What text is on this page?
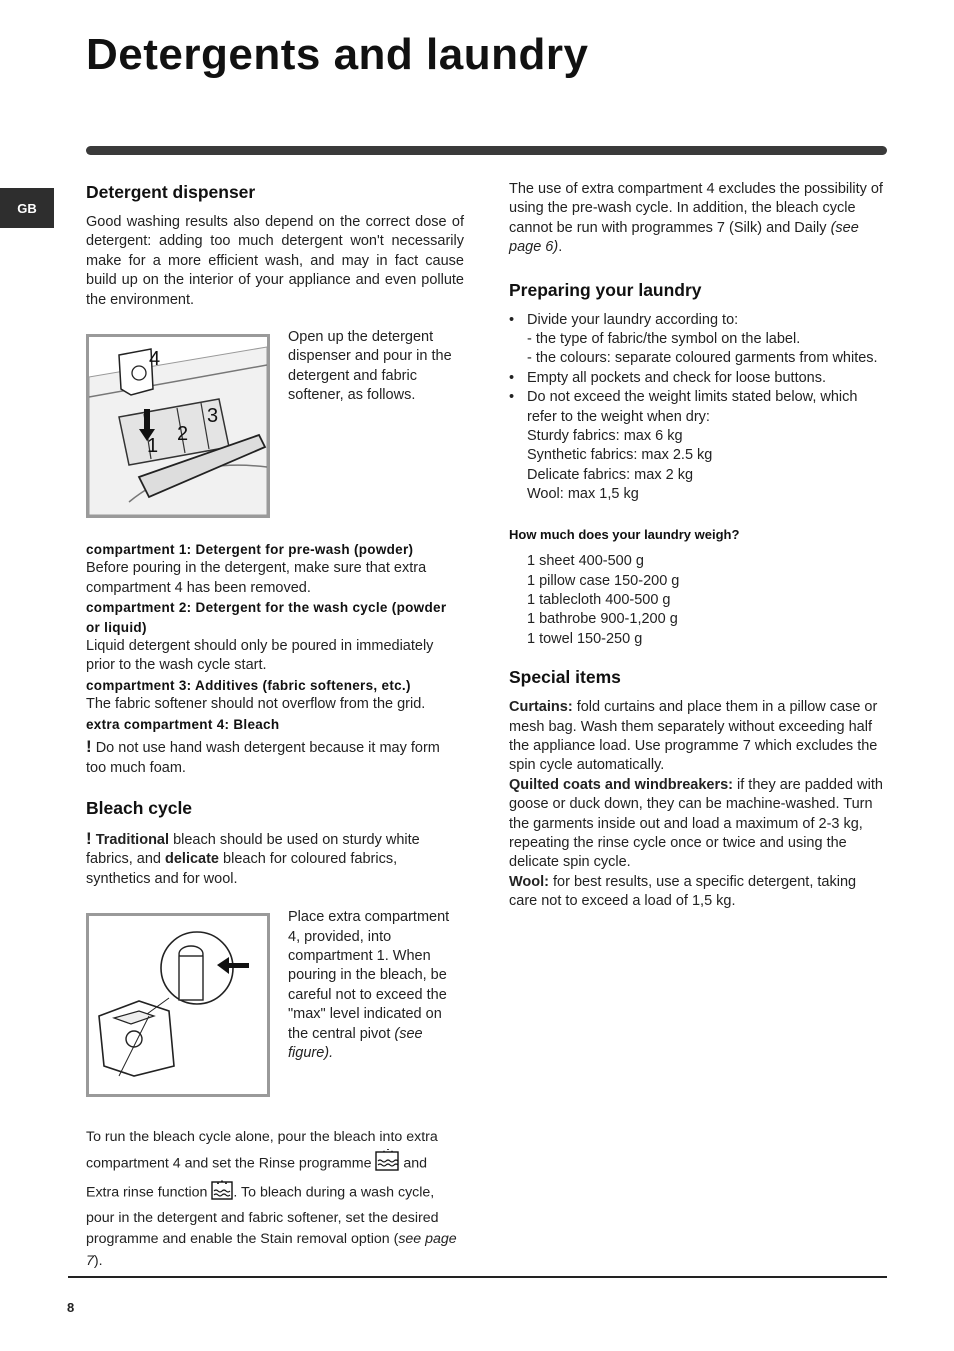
Detergents and laundry
GB
Detergent dispenser

Good washing results also depend on the correct dose of detergent: adding too much detergent won't necessarily make for a more efficient wash, and may in fact cause build up on the interior of your appliance and even pollute the environment.

4
1
2
3

Open up the detergent dispenser and pour in the detergent and fabric softener, as follows.

compartment 1: Detergent for pre-wash (powder)

Before pouring in the detergent, make sure that extra compartment 4 has been removed.

compartment 2: Detergent for the wash cycle (powder or liquid)

Liquid detergent should only be poured in immediately prior to the wash cycle start.

compartment 3: Additives (fabric softeners, etc.)

The fabric softener should not overflow from the grid.

extra compartment 4: Bleach

! Do not use hand wash detergent because it may form too much foam.

Bleach cycle

! Traditional bleach should be used on sturdy white fabrics, and delicate bleach for coloured fabrics, synthetics and for wool.

Place extra compartment 4, provided, into compartment 1. When pouring in the bleach, be careful not to exceed the "max" level indicated on the central pivot (see figure).

To run the bleach cycle alone, pour the bleach into extra compartment 4 and set the Rinse programme and Extra rinse function . To bleach during a wash cycle, pour in the detergent and fabric softener, set the desired programme and enable the Stain removal option (see page 7).

The use of extra compartment 4 excludes the possibility of using the pre-wash cycle. In addition, the bleach cycle cannot be run with programmes 7 (Silk) and Daily (see page 6).

Preparing your laundry
• Divide your laundry according to:
- the type of fabric/the symbol on the label.
- the colours: separate coloured garments from whites.
• Empty all pockets and check for loose buttons.
• Do not exceed the weight limits stated below, which refer to the weight when dry:
Sturdy fabrics: max 6 kg
Synthetic fabrics: max 2.5 kg
Delicate fabrics: max 2 kg
Wool: max 1,5 kg

How much does your laundry weigh?

1 sheet 400-500 g
1 pillow case 150-200 g
1 tablecloth 400-500 g
1 bathrobe 900-1,200 g
1 towel 150-250 g
Special items

Curtains: fold curtains and place them in a pillow case or mesh bag. Wash them separately without exceeding half the appliance load. Use programme 7 which excludes the spin cycle automatically.

Quilted coats and windbreakers: if they are padded with goose or duck down, they can be machine-washed. Turn the garments inside out and load a maximum of 2-3 kg, repeating the rinse cycle once or twice and using the delicate spin cycle.

Wool: for best results, use a specific detergent, taking care not to exceed a load of 1,5 kg.

8
